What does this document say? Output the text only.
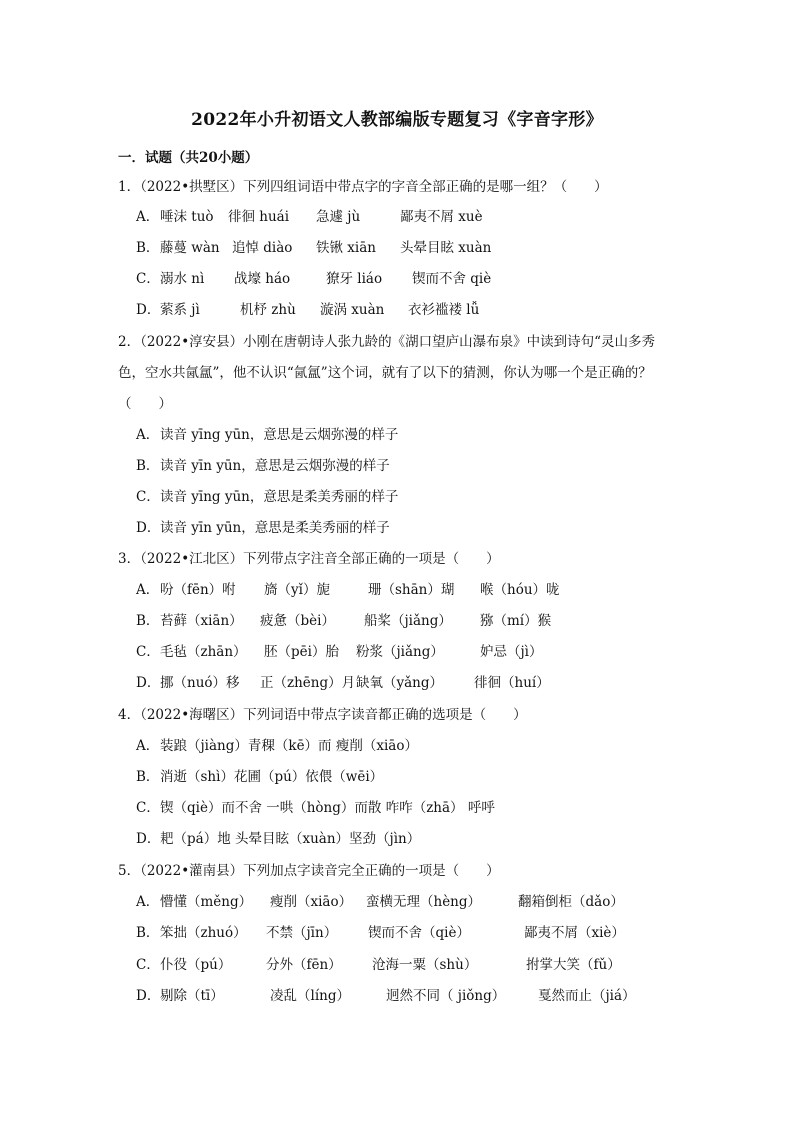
2022年小升初语文人教部编版专题复习《字音字形》
一．试题（共20小题）
1．（2022•拱墅区）下列四组词语中带点字的字音全部正确的是哪一组？（　　）
A． 唾沫 tuò 徘徊 huái 急遽 jù	鄙夷不屑 xuè
B． 藤蔓 wàn 追悼 diào 铁锹 xiān 头晕目眩 xuàn
C． 溺水 nì 战壕 háo	獠牙 liáo 锲而不舍 qiè
D． 萦系 jì	机杼 zhù 漩涡 xuàn 衣衫褴褛 lǚ
2．（2022•淳安县）小刚在唐朝诗人张九龄的《湖口望庐山瀑布泉》中读到诗句“灵山多秀色，空水共氤氲”，他不认识“氤氲”这个词，就有了以下的猜测，你认为哪一个是正确的？（　　）
A． 读音 yīng yūn，意思是云烟弥漫的样子
B． 读音 yīn yūn，意思是云烟弥漫的样子
C． 读音 yīng yūn，意思是柔美秀丽的样子
D． 读音 yīn yūn，意思是柔美秀丽的样子
3．（2022•江北区）下列带点字注音全部正确的一项是（　　）
A． 吩（fēn）咐 旖（yǐ）旎	珊（shān）瑚 喉（hóu）咙
B． 苔藓（xiān） 疲惫（bèi） 船桨（jiǎng） 猕（mí）猴
C． 毛毡（zhān） 胚（pēi）胎 粉浆（jiǎng）	妒忌（jì）
D． 挪（nuó）移 正（zhēng）月 缺氧（yǎng） 徘徊（huí）
4．（2022•海曙区）下列词语中带点字读音都正确的选项是（　　）
A． 装踉（jiàng）青稞（kē）而 瘦削（xiāo）
B． 消逝（shì）花圃（pú）依偎（wēi）
C． 锲（qiè）而不舍 一哄（hòng）而散 咋咋（zhā） 呼呼
D． 耙（pá）地 头晕目眩（xuàn）坚劲（jìn）
5．（2022•灌南县）下列加点字读音完全正确的一项是（　　）
A． 懵懂（měng） 瘦削（xiāo） 蛮横无理（hèng）	翻箱倒柜（dǎo）
B． 笨拙（zhuó） 不禁（jīn） 锲而不舍（qiè）	鄙夷不屑（xiè）
C． 仆役（pú）	分外（fēn） 沧海一粟（shù）	拊掌大笑（fǔ）
D． 剔除（tī）	凌乱（líng）	迥然不同（ jiǒng） 戛然而止（jiá）
